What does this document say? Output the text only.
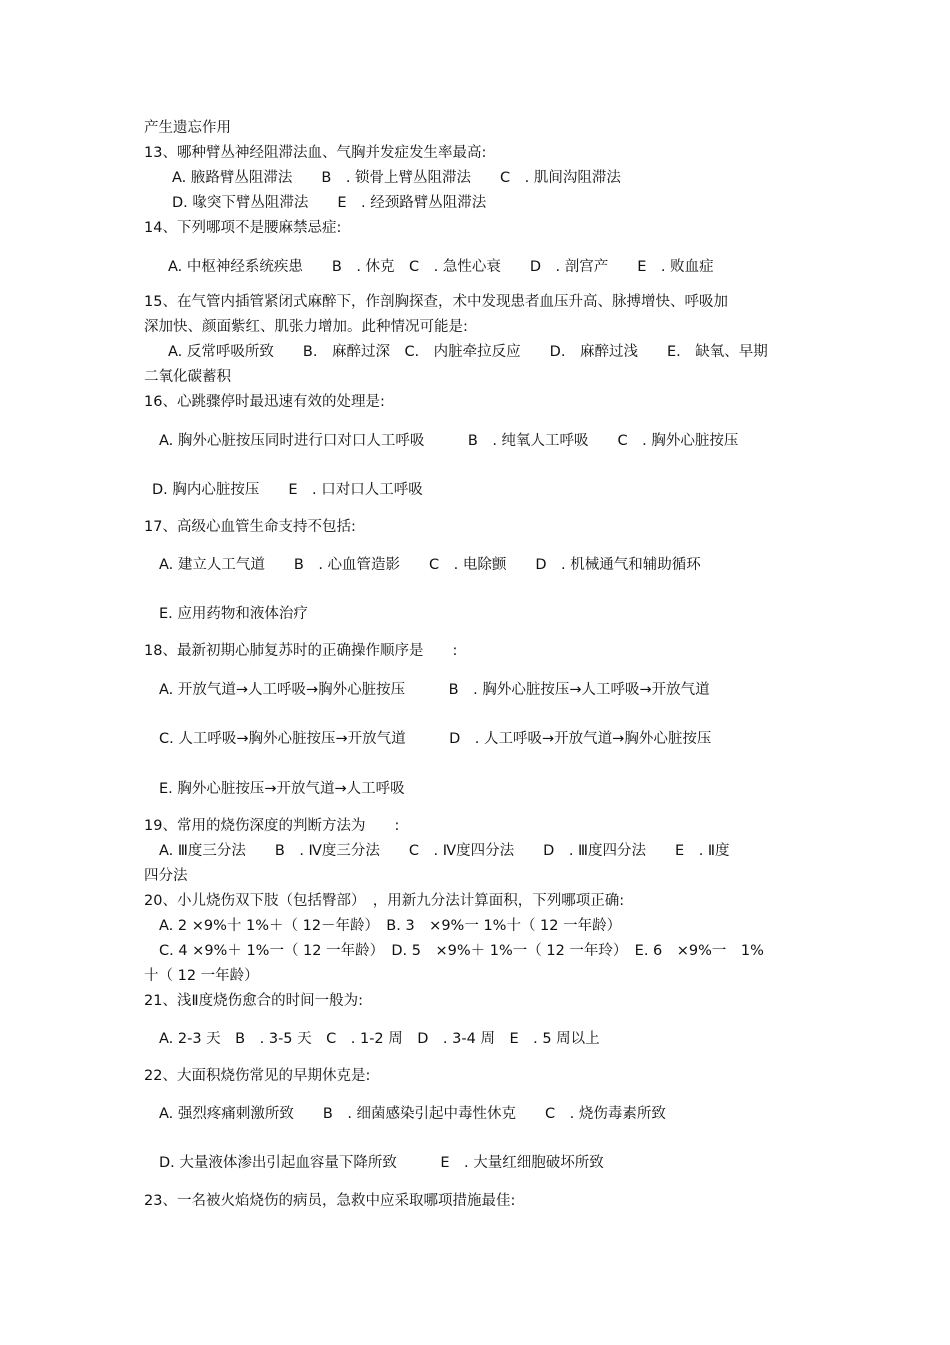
产生遗忘作用
13、哪种臂丛神经阻滞法血、气胸并发症发生率最高:
A. 腋路臂丛阻滞法　　B　. 锁骨上臂丛阻滞法　　C　. 肌间沟阻滞法
D. 喙突下臂丛阻滞法　　E　. 经颈路臂丛阻滞法
14、下列哪项不是腰麻禁忌症:
A. 中枢神经系统疾患　　B　. 休克　C　. 急性心衰　　D　. 剖宫产　　E　. 败血症
15、在气管内插管紧闭式麻醉下，作剖胸探查，术中发现患者血压升高、脉搏增快、呼吸加
深加快、颜面紫红、肌张力增加。此种情况可能是:
A. 反常呼吸所致　　B.　麻醉过深　C.　内脏牵拉反应　　D.　麻醉过浅　　E.　缺氧、早期
二氧化碳蓄积
16、心跳骤停时最迅速有效的处理是:
A. 胸外心脏按压同时进行口对口人工呼吸　　　B　. 纯氧人工呼吸　　C　. 胸外心脏按压
D. 胸内心脏按压　　E　. 口对口人工呼吸
17、高级心血管生命支持不包括:
A. 建立人工气道　　B　. 心血管造影　　C　. 电除颤　　D　. 机械通气和辅助循环
E. 应用药物和液体治疗
18、最新初期心肺复苏时的正确操作顺序是　　:
A. 开放气道→人工呼吸→胸外心脏按压　　　B　. 胸外心脏按压→人工呼吸→开放气道
C. 人工呼吸→胸外心脏按压→开放气道　　　D　. 人工呼吸→开放气道→胸外心脏按压
E. 胸外心脏按压→开放气道→人工呼吸
19、常用的烧伤深度的判断方法为　　:
A. Ⅲ度三分法　　B　. Ⅳ度三分法　　C　. Ⅳ度四分法　　D　. Ⅲ度四分法　　E　. Ⅱ度
四分法
20、小儿烧伤双下肢（包括臀部）　，用新九分法计算面积，下列哪项正确:
A. 2 ×9%十 1%＋（ 12－年龄）　B. 3　×9%一 1%十（ 12 一年龄）
C. 4 ×9%＋ 1%一（ 12 一年龄）　D. 5　×9%＋ 1%一（ 12 一年玲）　E. 6　×9%一　1%
十（ 12 一年龄）
21、浅Ⅱ度烧伤愈合的时间一般为:
A. 2-3 天　B　. 3-5 天　C　. 1-2 周　D　. 3-4 周　E　. 5 周以上
22、大面积烧伤常见的早期休克是:
A. 强烈疼痛刺激所致　　B　. 细菌感染引起中毒性休克　　C　. 烧伤毒素所致
D. 大量液体渗出引起血容量下降所致　　　E　. 大量红细胞破坏所致
23、一名被火焰烧伤的病员，急救中应采取哪项措施最佳:
